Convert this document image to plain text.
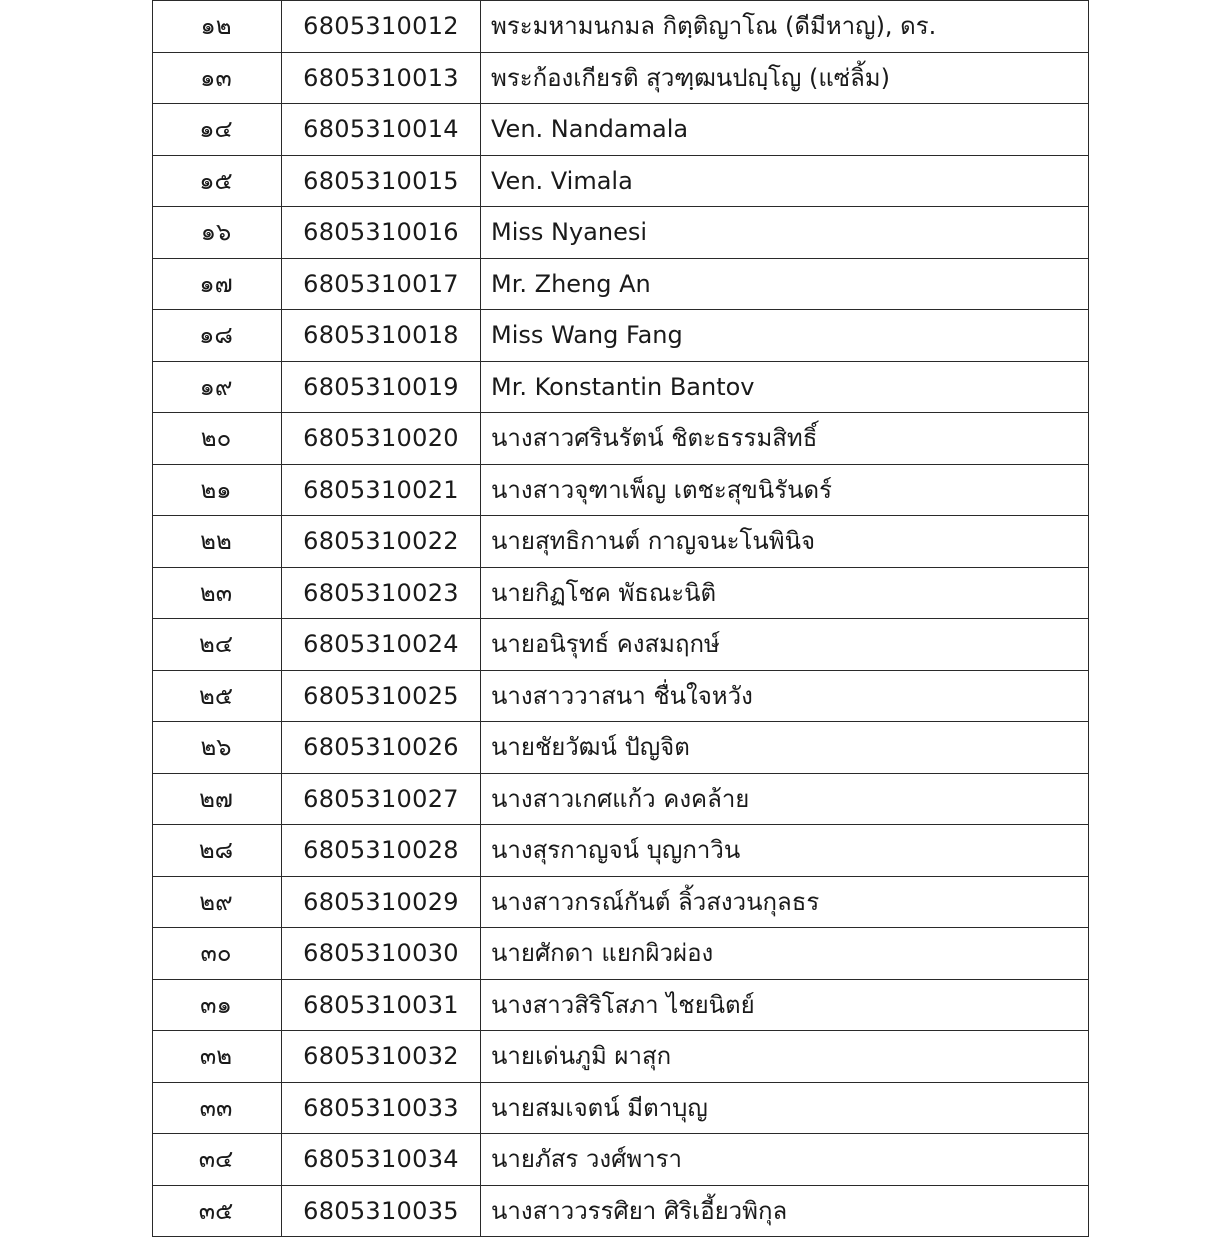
๑๒	6805310012	พระมหามนกมล กิตฺติญาโณ (ดีมีหาญ), ดร.
๑๓	6805310013	พระก้องเกียรติ สุวฑฺฒนปญฺโญ (แซ่ลิ้ม)
๑๔	6805310014	Ven. Nandamala
๑๕	6805310015	Ven. Vimala
๑๖	6805310016	Miss Nyanesi
๑๗	6805310017	Mr. Zheng An
๑๘	6805310018	Miss Wang Fang
๑๙	6805310019	Mr. Konstantin Bantov
๒๐	6805310020	นางสาวศรินรัตน์ ชิตะธรรมสิทธิ์
๒๑	6805310021	นางสาวจุฑาเพ็ญ เตชะสุขนิรันดร์
๒๒	6805310022	นายสุทธิกานต์ กาญจนะโนพินิจ
๒๓	6805310023	นายกิฏโชค พัธณะนิติ
๒๔	6805310024	นายอนิรุทธ์ คงสมฤกษ์
๒๕	6805310025	นางสาววาสนา ชื่นใจหวัง
๒๖	6805310026	นายชัยวัฒน์ ปัญจิต
๒๗	6805310027	นางสาวเกศแก้ว คงคล้าย
๒๘	6805310028	นางสุรกาญจน์ บุญกาวิน
๒๙	6805310029	นางสาวกรณ์กันต์ ลิ้วสงวนกุลธร
๓๐	6805310030	นายศักดา แยกผิวผ่อง
๓๑	6805310031	นางสาวสิริโสภา ไชยนิตย์
๓๒	6805310032	นายเด่นภูมิ ผาสุก
๓๓	6805310033	นายสมเจตน์ มีตาบุญ
๓๔	6805310034	นายภัสร วงศ์พารา
๓๕	6805310035	นางสาววรรศิยา ศิริเอี้ยวพิกุล
